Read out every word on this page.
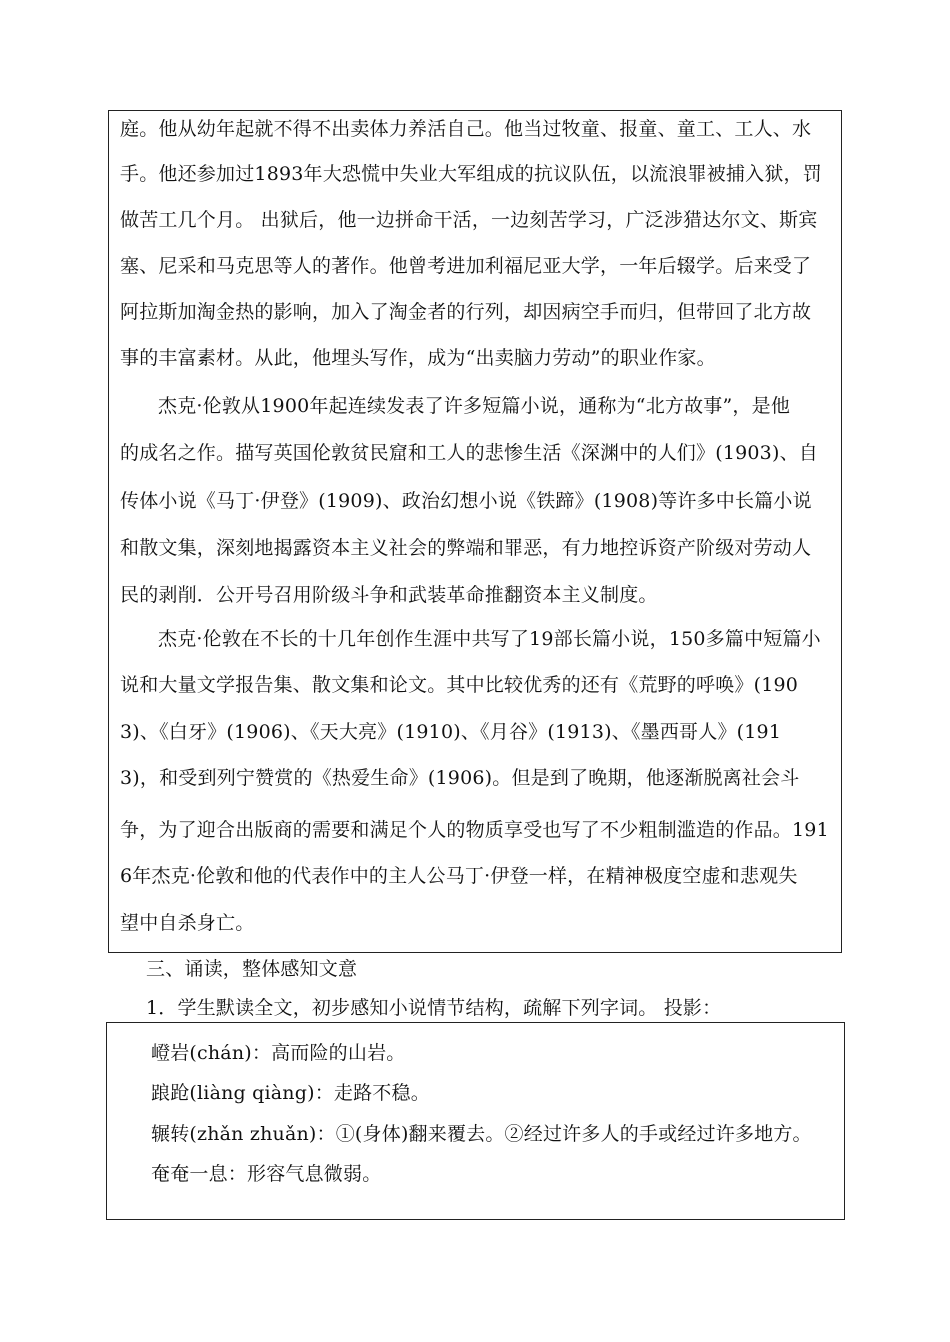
庭。他从幼年起就不得不出卖体力养活自己。他当过牧童、报童、童工、工人、水
手。他还参加过1893年大恐慌中失业大军组成的抗议队伍，以流浪罪被捕入狱，罚
做苦工几个月。 出狱后，他一边拼命干活，一边刻苦学习，广泛涉猎达尔文、斯宾
塞、尼采和马克思等人的著作。他曾考进加利福尼亚大学，一年后辍学。后来受了
阿拉斯加淘金热的影响，加入了淘金者的行列，却因病空手而归，但带回了北方故
事的丰富素材。从此，他埋头写作，成为“出卖脑力劳动”的职业作家。
杰克·伦敦从1900年起连续发表了许多短篇小说，通称为“北方故事”，是他
的成名之作。描写英国伦敦贫民窟和工人的悲惨生活《深渊中的人们》(1903)、自
传体小说《马丁·伊登》(1909)、政治幻想小说《铁蹄》(1908)等许多中长篇小说
和散文集，深刻地揭露资本主义社会的弊端和罪恶，有力地控诉资产阶级对劳动人
民的剥削．公开号召用阶级斗争和武装革命推翻资本主义制度。
杰克·伦敦在不长的十几年创作生涯中共写了19部长篇小说，150多篇中短篇小
说和大量文学报告集、散文集和论文。其中比较优秀的还有《荒野的呼唤》(190
3)、《白牙》(1906)、《天大亮》(1910)、《月谷》(1913)、《墨西哥人》(191
3)，和受到列宁赞赏的《热爱生命》(1906)。但是到了晚期，他逐渐脱离社会斗
争，为了迎合出版商的需要和满足个人的物质享受也写了不少粗制滥造的作品。191
6年杰克·伦敦和他的代表作中的主人公马丁·伊登一样，在精神极度空虚和悲观失
望中自杀身亡。
三、诵读，整体感知文意
1．学生默读全文，初步感知小说情节结构，疏解下列字词。 投影：
嶝岩(chán)：高而险的山岩。
踉跄(liàng qiàng)：走路不稳。
辗转(zhǎn zhuǎn)：①(身体)翻来覆去。②经过许多人的手或经过许多地方。
奄奄一息：形容气息微弱。
